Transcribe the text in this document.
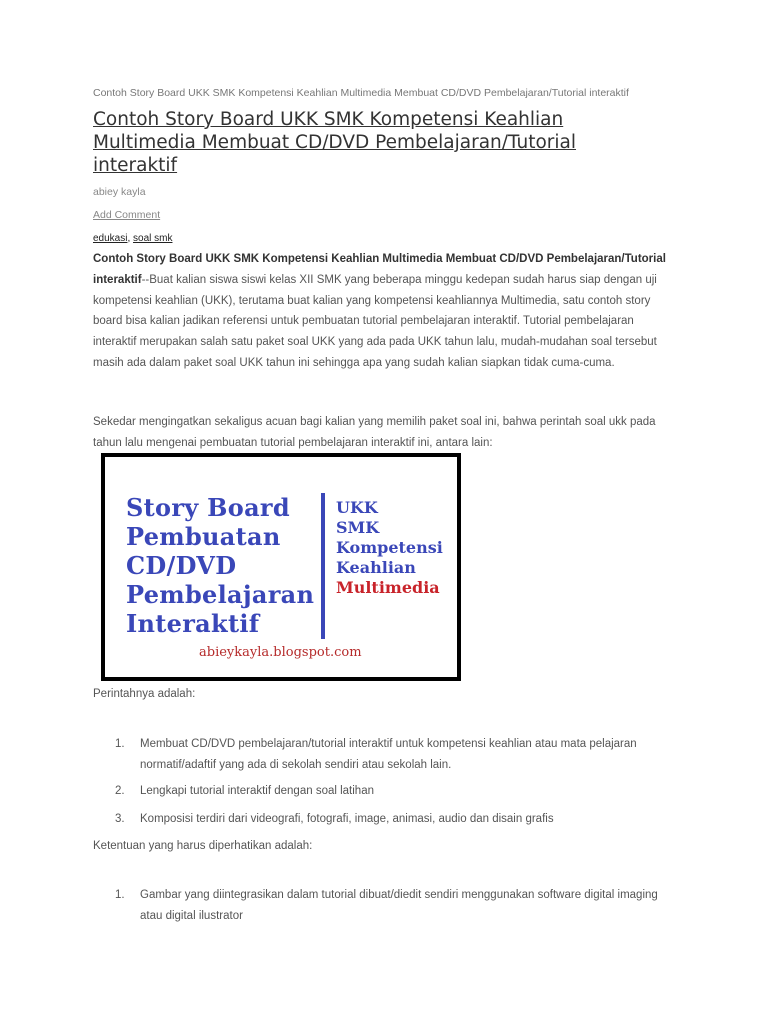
Contoh Story Board UKK SMK Kompetensi Keahlian Multimedia Membuat CD/DVD Pembelajaran/Tutorial interaktif
Contoh Story Board UKK SMK Kompetensi Keahlian Multimedia Membuat CD/DVD Pembelajaran/Tutorial interaktif
abiey kayla
Add Comment
edukasi, soal smk

Contoh Story Board UKK SMK Kompetensi Keahlian Multimedia Membuat CD/DVD Pembelajaran/Tutorial interaktif--Buat kalian siswa siswi kelas XII SMK yang beberapa minggu kedepan sudah harus siap dengan uji kompetensi keahlian (UKK), terutama buat kalian yang kompetensi keahliannya Multimedia, satu contoh story board bisa kalian jadikan referensi untuk pembuatan tutorial pembelajaran interaktif. Tutorial pembelajaran interaktif merupakan salah satu paket soal UKK yang ada pada UKK tahun lalu, mudah-mudahan soal tersebut masih ada dalam paket soal UKK tahun ini sehingga apa yang sudah kalian siapkan tidak cuma-cuma.

Sekedar mengingatkan sekaligus acuan bagi kalian yang memilih paket soal ini, bahwa perintah soal ukk pada tahun lalu mengenai pembuatan tutorial pembelajaran interaktif ini, antara lain:

Story Board
Pembuatan
CD/DVD
Pembelajaran
Interaktif
UKK
SMK
Kompetensi
Keahlian
Multimedia
abieykayla.blogspot.com

Perintahnya adalah:

1. Membuat CD/DVD pembelajaran/tutorial interaktif untuk kompetensi keahlian atau mata pelajaran normatif/adaftif yang ada di sekolah sendiri atau sekolah lain.
2. Lengkapi tutorial interaktif dengan soal latihan
3. Komposisi terdiri dari videografi, fotografi, image, animasi, audio dan disain grafis

Ketentuan yang harus diperhatikan adalah:

1. Gambar yang diintegrasikan dalam tutorial dibuat/diedit sendiri menggunakan software digital imaging atau digital ilustrator
